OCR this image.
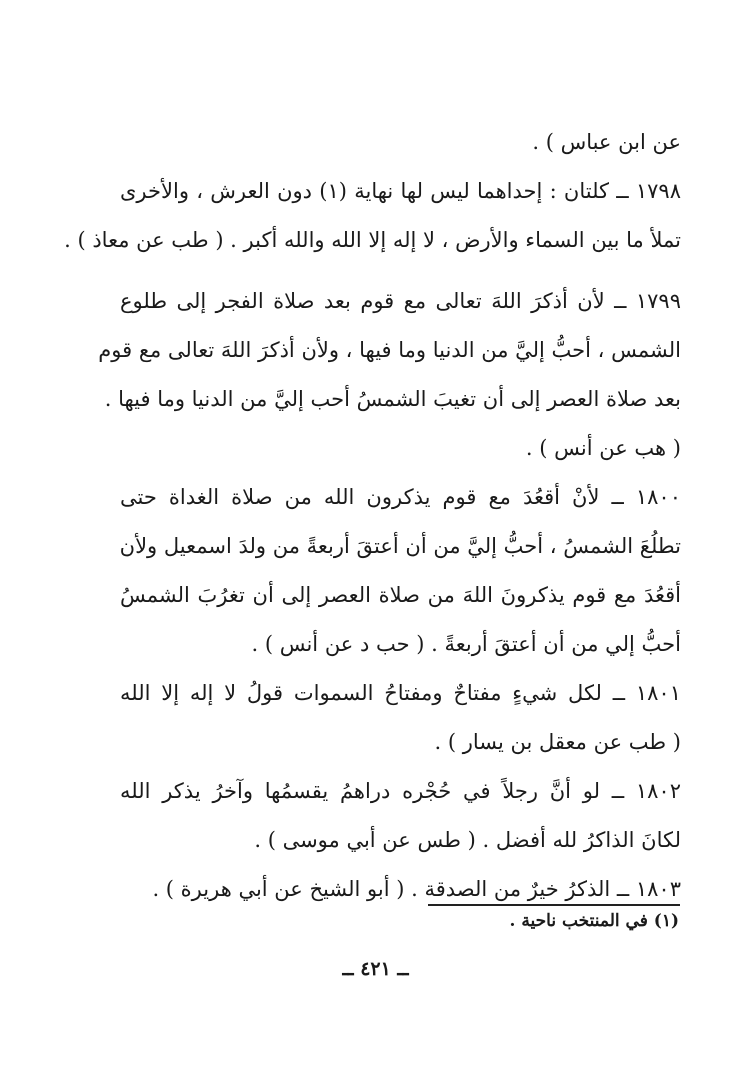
عن ابن عباس ) .
١٧٩٨ ــ كلتان : إحداهما ليس لها نهاية (١) دون العرش ، والأخرى
تملأ ما بين السماء والأرض ، لا إله إلا الله والله أكبر . ( طب عن معاذ ) .
١٧٩٩ ــ لأن أذكرَ اللهَ تعالى مع قوم بعد صلاة الفجر إلى طلوع
الشمس ، أحبُّ إليَّ من الدنيا وما فيها ، ولأن أذكرَ اللهَ تعالى مع قوم
بعد صلاة العصر إلى أن تغيبَ الشمسُ أحب إليَّ من الدنيا وما فيها .
( هب عن أنس ) .
١٨٠٠ ــ لأنْ أقعُدَ مع قوم يذكرون الله من صلاة الغداة حتى
تطلُعَ الشمسُ ، أحبُّ إليَّ من أن أعتقَ أربعةً من ولدَ اسمعيل ولأن
أقعُدَ مع قوم يذكرونَ اللهَ من صلاة العصر إلى أن تغرُبَ الشمسُ
أحبُّ إلي من أن أعتقَ أربعةً . ( حب د عن أنس ) .
١٨٠١ ــ لكل شيءٍ مفتاحٌ ومفتاحُ السموات قولُ لا إله إلا الله
( طب عن معقل بن يسار ) .
١٨٠٢ ــ لو أنَّ رجلاً في حُجْره دراهمُ يقسمُها وآخرُ يذكر الله
لكانَ الذاكرُ لله أفضل . ( طس عن أبي موسى ) .
١٨٠٣ ــ الذكرُ خيرٌ من الصدقة . ( أبو الشيخ عن أبي هريرة ) .
(١) في المنتخب ناحية .
ــ ٤٢١ ــ
